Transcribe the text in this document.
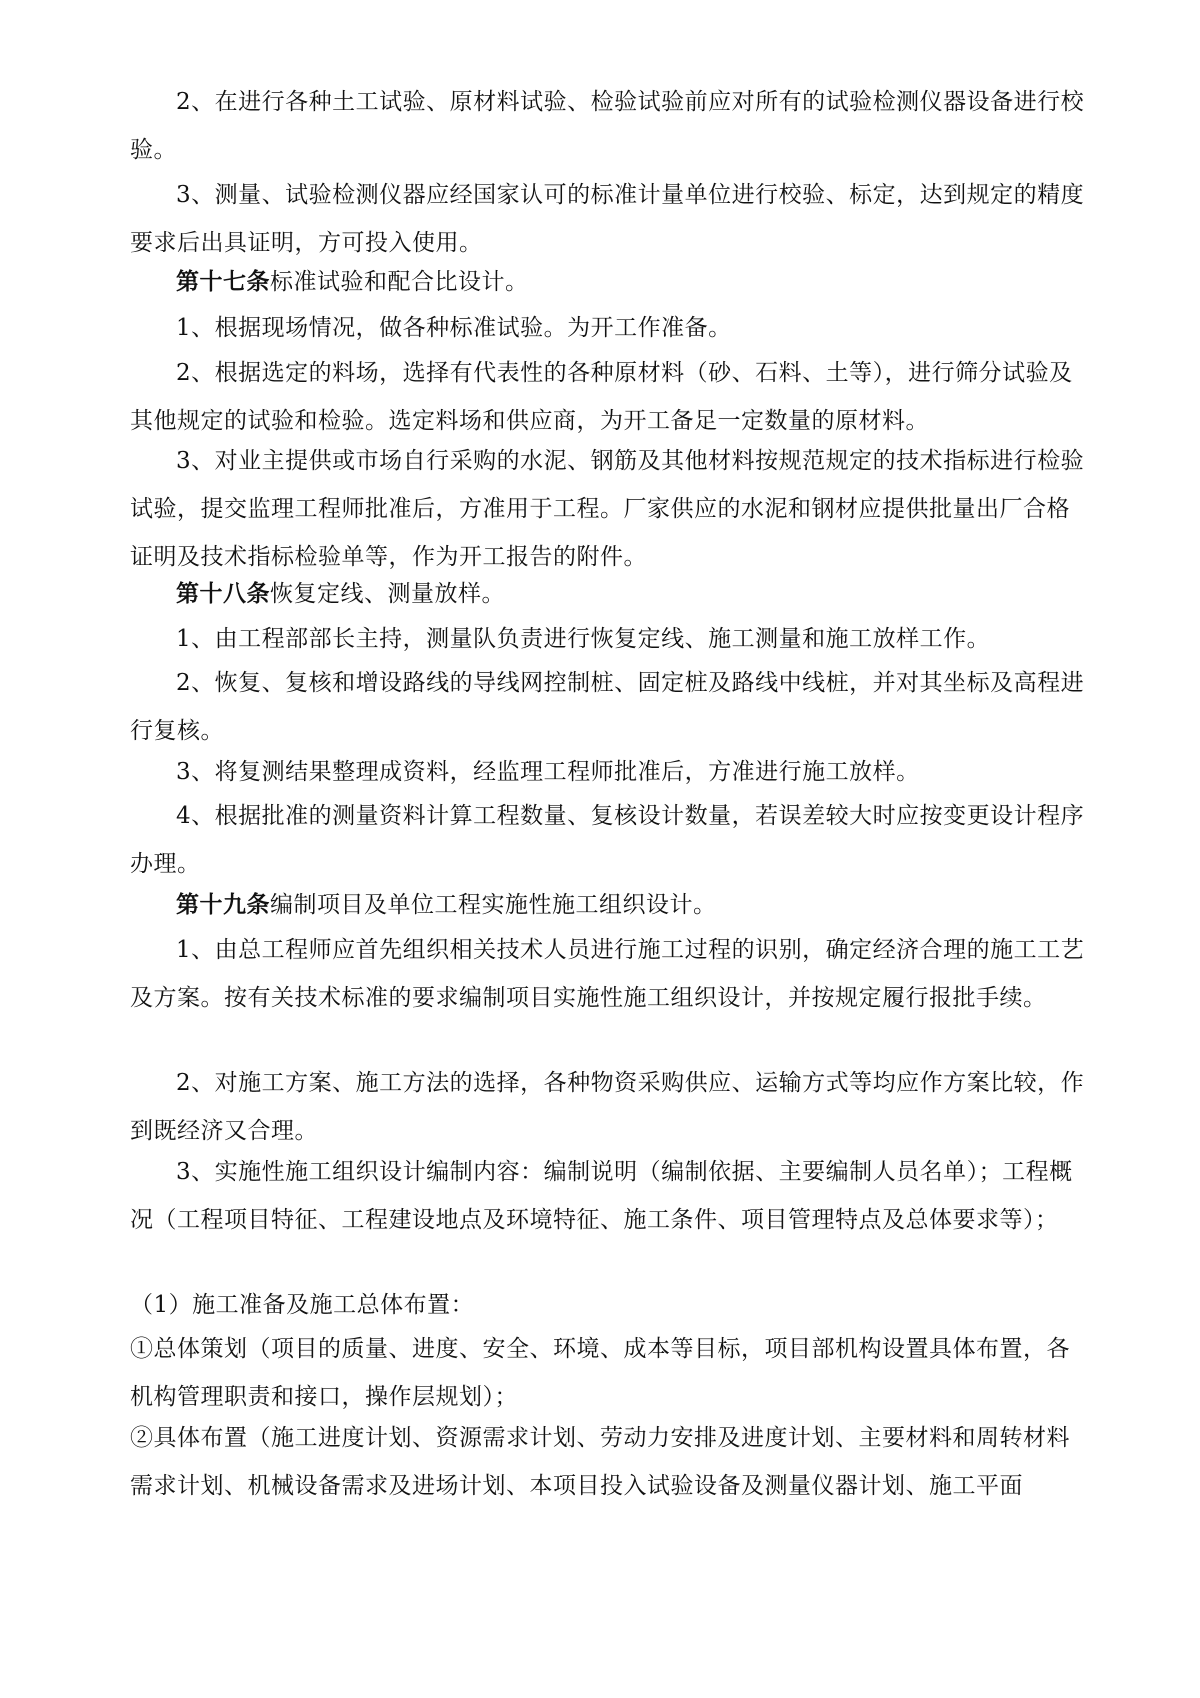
2、在进行各种土工试验、原材料试验、检验试验前应对所有的试验检测仪器设备进行校验。

3、测量、试验检测仪器应经国家认可的标准计量单位进行校验、标定，达到规定的精度要求后出具证明，方可投入使用。

第十七条标准试验和配合比设计。

1、根据现场情况，做各种标准试验。为开工作准备。

2、根据选定的料场，选择有代表性的各种原材料（砂、石料、土等），进行筛分试验及其他规定的试验和检验。选定料场和供应商，为开工备足一定数量的原材料。

3、对业主提供或市场自行采购的水泥、钢筋及其他材料按规范规定的技术指标进行检验试验，提交监理工程师批准后，方准用于工程。厂家供应的水泥和钢材应提供批量出厂合格证明及技术指标检验单等，作为开工报告的附件。

第十八条恢复定线、测量放样。

1、由工程部部长主持，测量队负责进行恢复定线、施工测量和施工放样工作。

2、恢复、复核和增设路线的导线网控制桩、固定桩及路线中线桩，并对其坐标及高程进行复核。

3、将复测结果整理成资料，经监理工程师批准后，方准进行施工放样。

4、根据批准的测量资料计算工程数量、复核设计数量，若误差较大时应按变更设计程序办理。

第十九条编制项目及单位工程实施性施工组织设计。

1、由总工程师应首先组织相关技术人员进行施工过程的识别，确定经济合理的施工工艺及方案。按有关技术标准的要求编制项目实施性施工组织设计，并按规定履行报批手续。

2、对施工方案、施工方法的选择，各种物资采购供应、运输方式等均应作方案比较，作到既经济又合理。

3、实施性施工组织设计编制内容：编制说明（编制依据、主要编制人员名单）；工程概况（工程项目特征、工程建设地点及环境特征、施工条件、项目管理特点及总体要求等）；

（1）施工准备及施工总体布置：

①总体策划（项目的质量、进度、安全、环境、成本等目标，项目部机构设置具体布置，各机构管理职责和接口，操作层规划）；

②具体布置（施工进度计划、资源需求计划、劳动力安排及进度计划、主要材料和周转材料需求计划、机械设备需求及进场计划、本项目投入试验设备及测量仪器计划、施工平面
